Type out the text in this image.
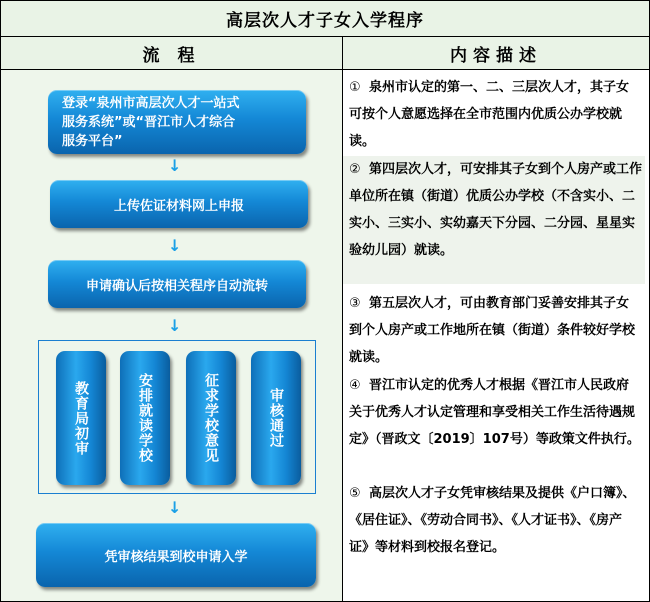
高层次人才子女入学程序
流 程	内容描述
登录“泉州市高层次人才一站式
服务系统”或“晋江市人才综合
服务平台”
↓
上传佐证材料网上申报
↓
申请确认后按相关程序自动流转
↓
教育局初审	安排就读学校	征求学校意见	审核通过
↓
凭审核结果到校申请入学
① 泉州市认定的第一、二、三层次人才，其子女可按个人意愿选择在全市范围内优质公办学校就读。
② 第四层次人才，可安排其子女到个人房产或工作单位所在镇（街道）优质公办学校（不含实小、二实小、三实小、实幼嘉天下分园、二分园、星星实验幼儿园）就读。
③ 第五层次人才，可由教育部门妥善安排其子女到个人房产或工作地所在镇（街道）条件较好学校就读。
④ 晋江市认定的优秀人才根据《晋江市人民政府关于优秀人才认定管理和享受相关工作生活待遇规定》（晋政文〔2019〕107号）等政策文件执行。
⑤ 高层次人才子女凭审核结果及提供《户口簿》、《居住证》、《劳动合同书》、《人才证书》、《房产证》等材料到校报名登记。
